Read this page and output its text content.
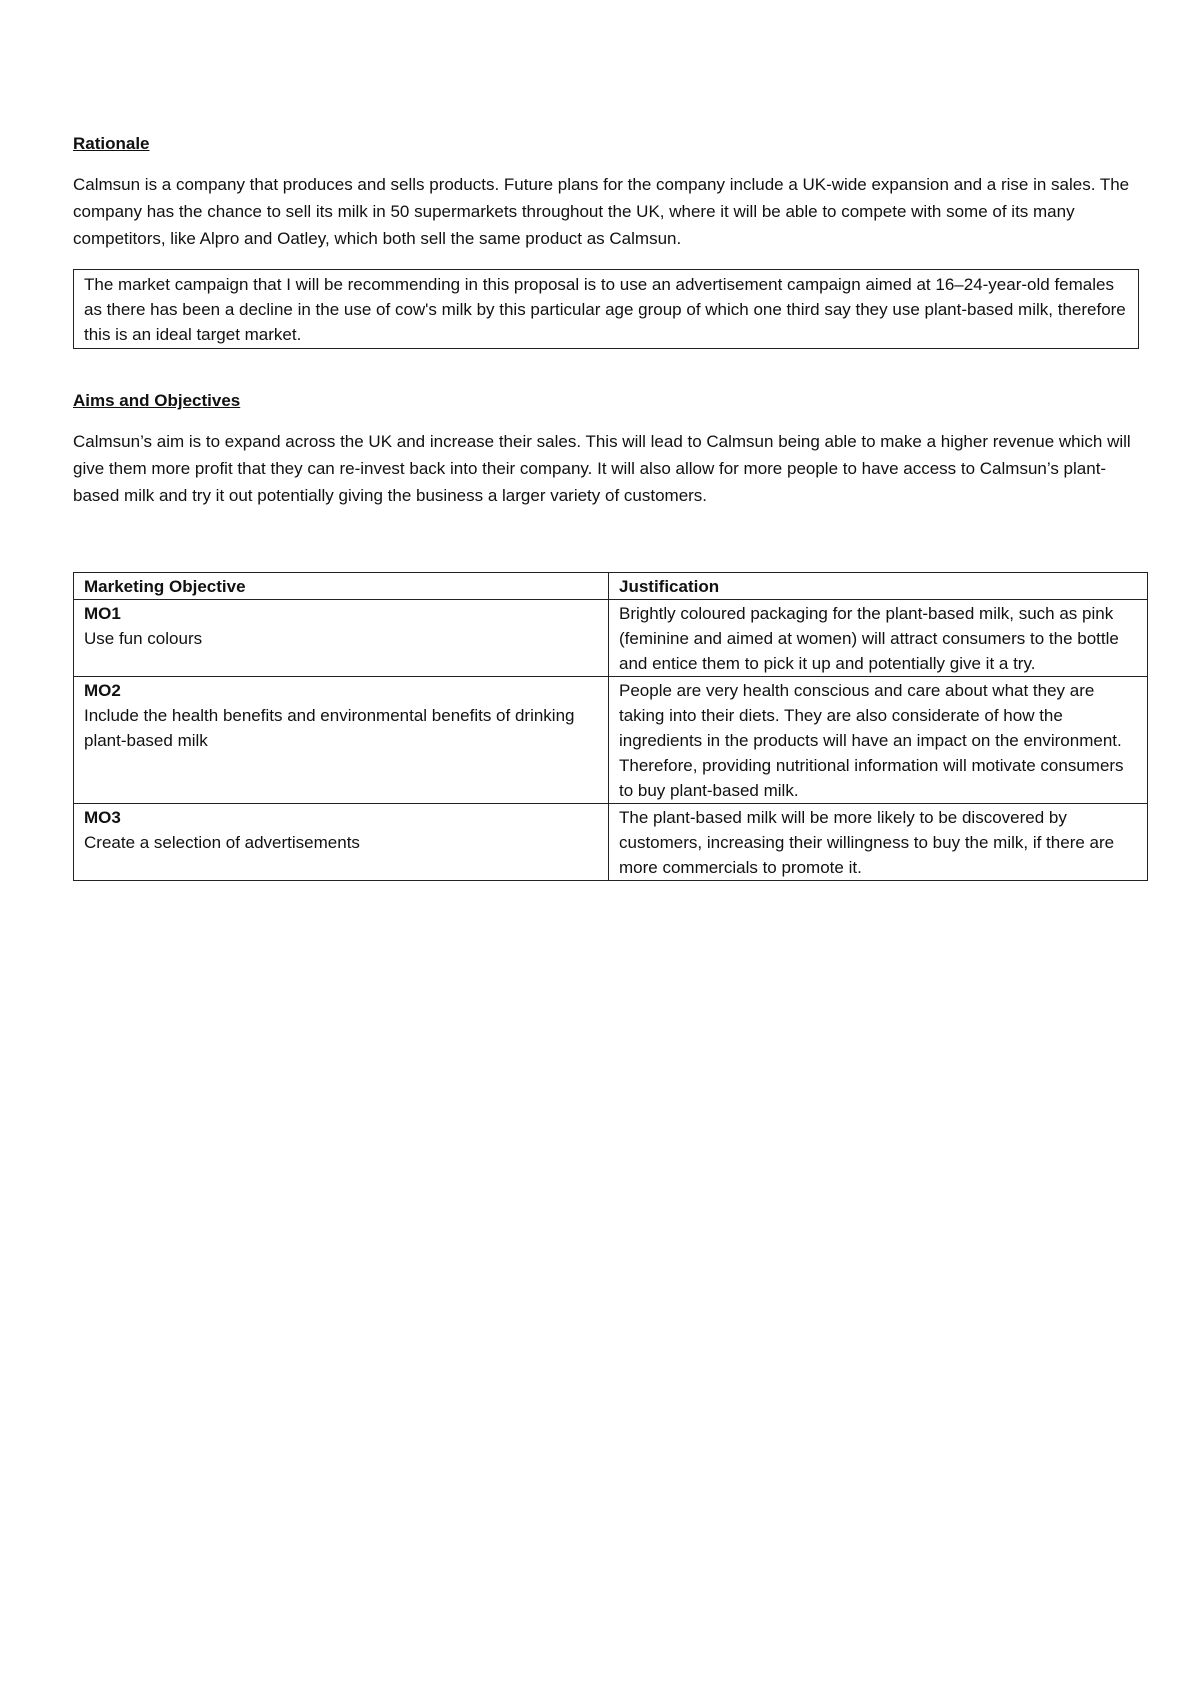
Rationale

Calmsun is a company that produces and sells products. Future plans for the company include a UK-wide expansion and a rise in sales. The company has the chance to sell its milk in 50 supermarkets throughout the UK, where it will be able to compete with some of its many competitors, like Alpro and Oatley, which both sell the same product as Calmsun.

The market campaign that I will be recommending in this proposal is to use an advertisement campaign aimed at 16–24-year-old females as there has been a decline in the use of cow's milk by this particular age group of which one third say they use plant-based milk, therefore this is an ideal target market.
Aims and Objectives

Calmsun’s aim is to expand across the UK and increase their sales. This will lead to Calmsun being able to make a higher revenue which will give them more profit that they can re-invest back into their company. It will also allow for more people to have access to Calmsun’s plant-based milk and try it out potentially giving the business a larger variety of customers.

Marketing Objective	Justification

MO1
Use fun colours	Brightly coloured packaging for the plant-based milk, such as pink (feminine and aimed at women) will attract consumers to the bottle and entice them to pick it up and potentially give it a try.

MO2
Include the health benefits and environmental benefits of drinking plant-based milk	People are very health conscious and care about what they are taking into their diets. They are also considerate of how the ingredients in the products will have an impact on the environment. Therefore, providing nutritional information will motivate consumers to buy plant-based milk.

MO3
Create a selection of advertisements	The plant-based milk will be more likely to be discovered by customers, increasing their willingness to buy the milk, if there are more commercials to promote it.
